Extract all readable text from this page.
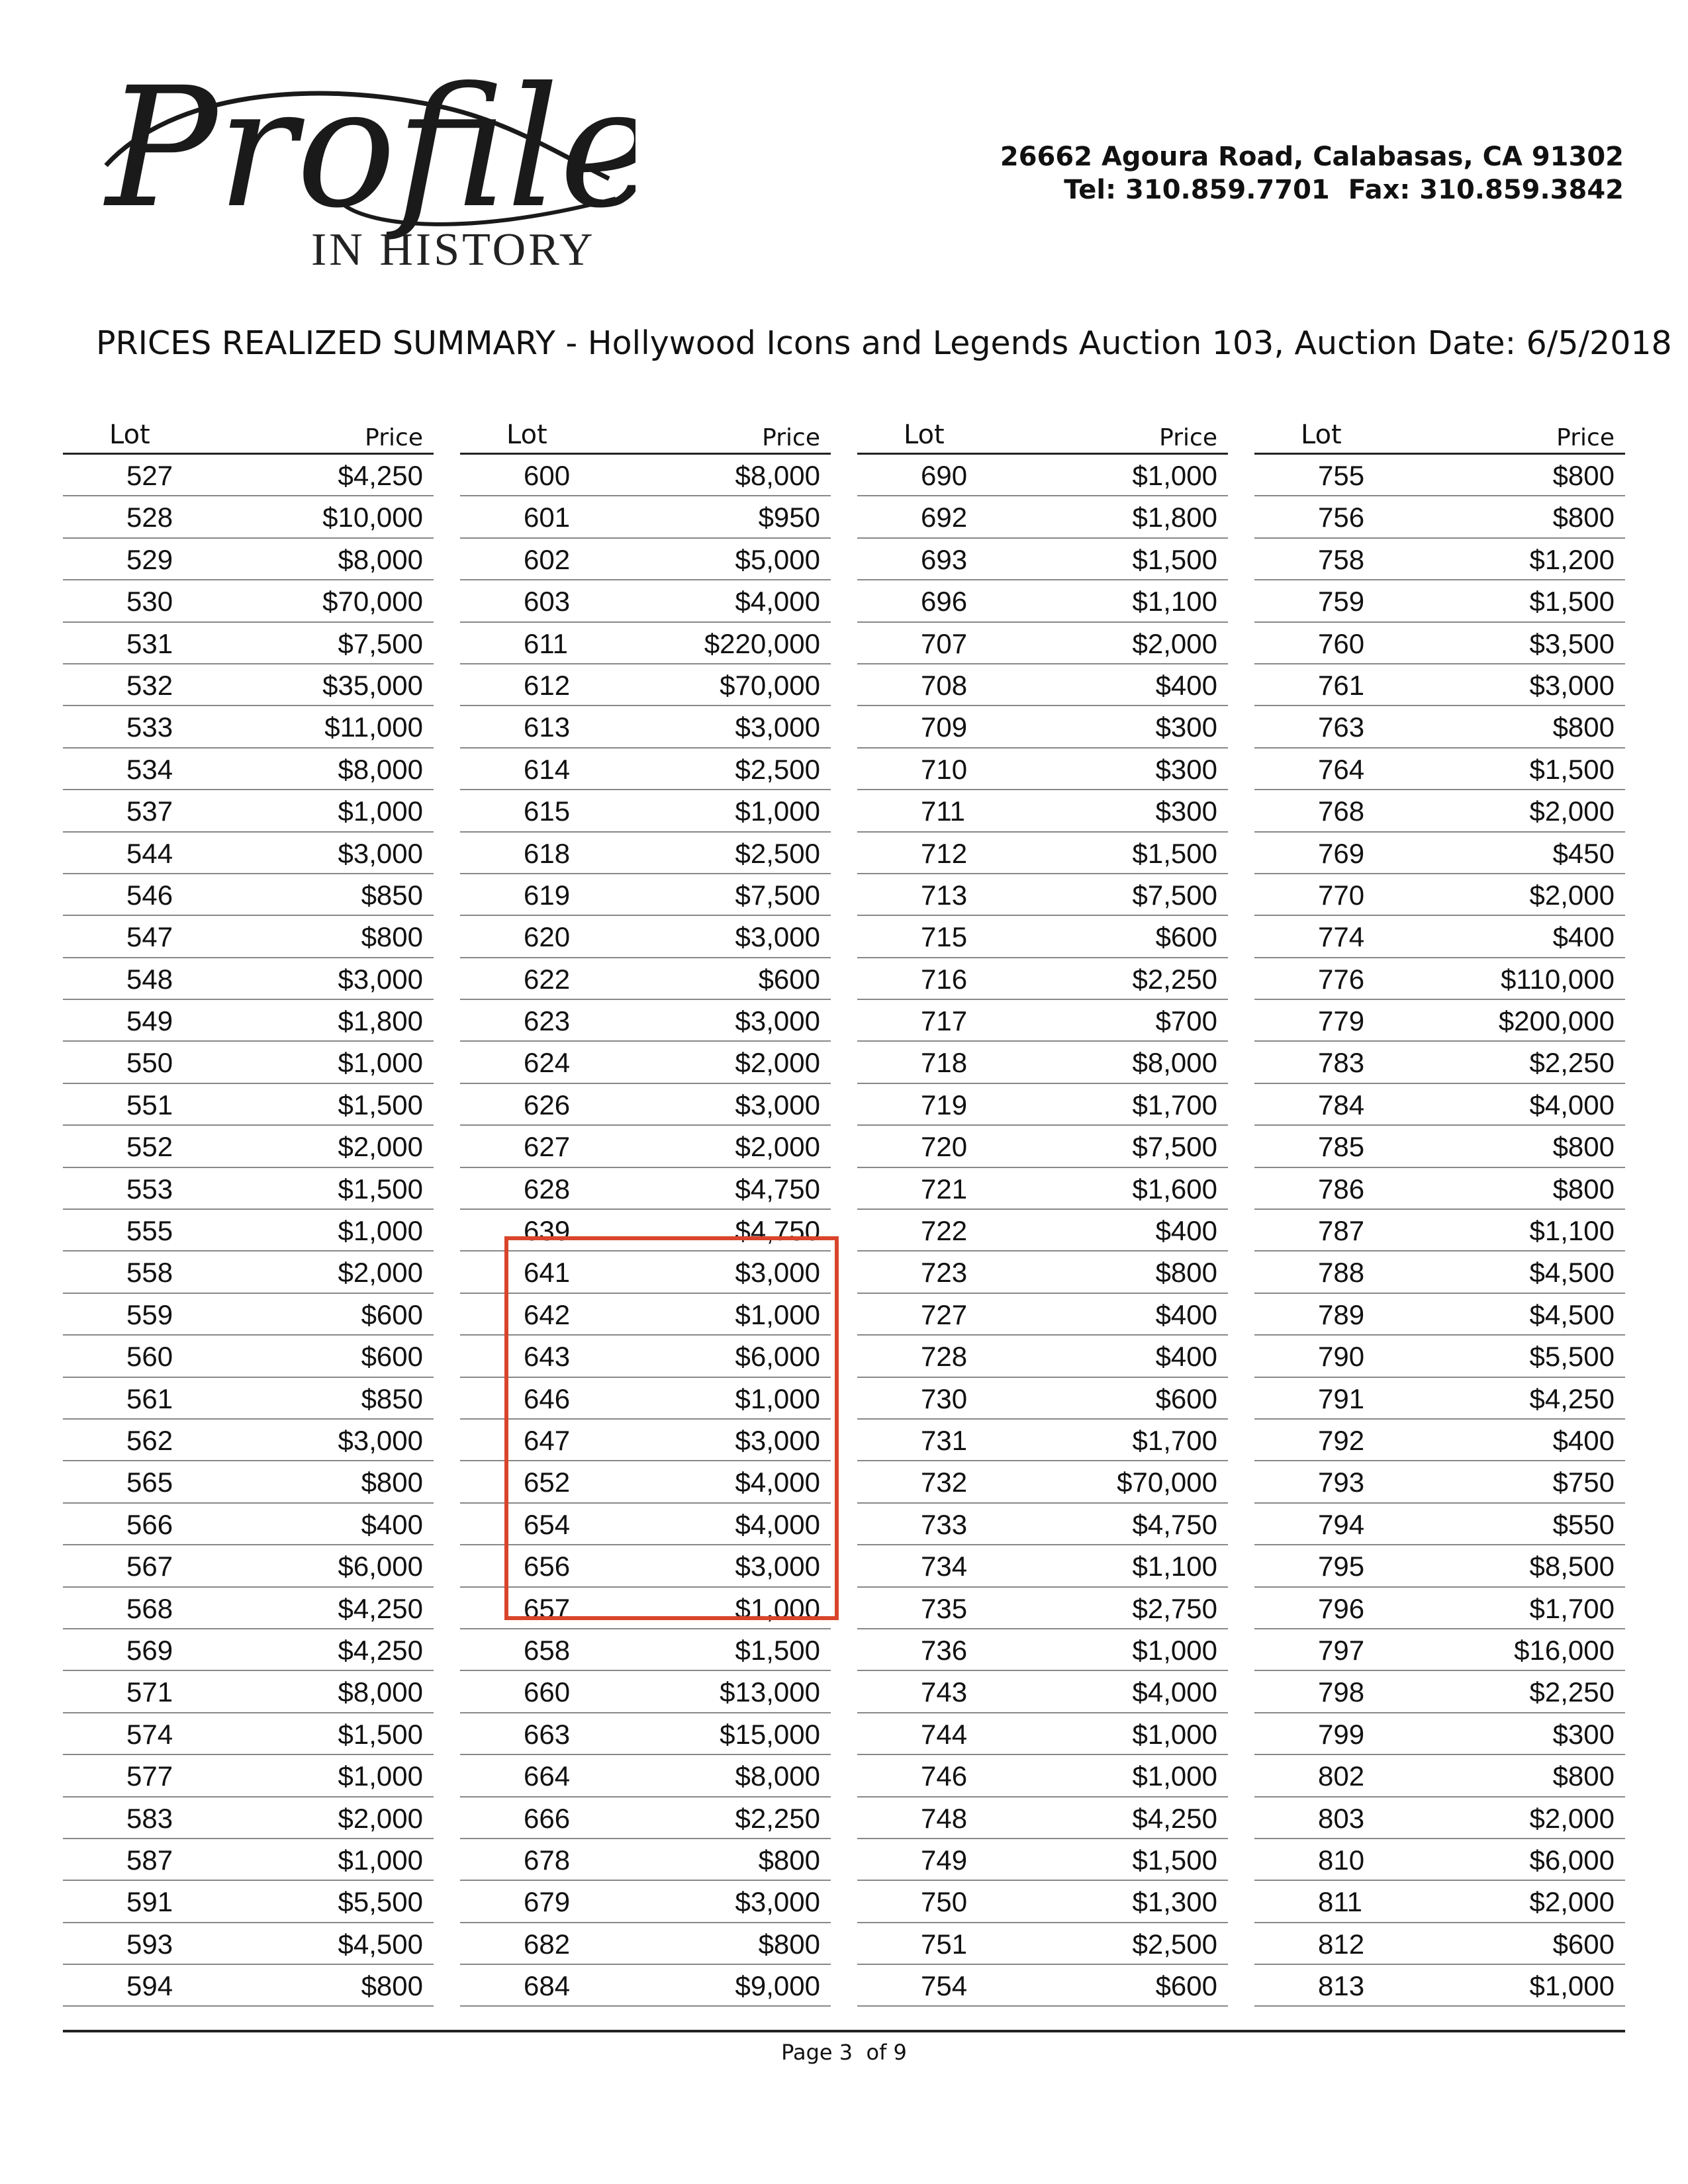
Profil
IN HISTORY
26662 Agoura Road, Calabasas, CA 91302
Tel: 310.859.7701  Fax: 310.859.3842
PRICES REALIZED SUMMARY - Hollywood Icons and Legends Auction 103, Auction Date: 6/5/2018
Lot	Price
527	$4,250
528	$10,000
529	$8,000
530	$70,000
531	$7,500
532	$35,000
533	$11,000
534	$8,000
537	$1,000
544	$3,000
546	$850
547	$800
548	$3,000
549	$1,800
550	$1,000
551	$1,500
552	$2,000
553	$1,500
555	$1,000
558	$2,000
559	$600
560	$600
561	$850
562	$3,000
565	$800
566	$400
567	$6,000
568	$4,250
569	$4,250
571	$8,000
574	$1,500
577	$1,000
583	$2,000
587	$1,000
591	$5,500
593	$4,500
594	$800
Lot	Price
600	$8,000
601	$950
602	$5,000
603	$4,000
611	$220,000
612	$70,000
613	$3,000
614	$2,500
615	$1,000
618	$2,500
619	$7,500
620	$3,000
622	$600
623	$3,000
624	$2,000
626	$3,000
627	$2,000
628	$4,750
639	$4,750
641	$3,000
642	$1,000
643	$6,000
646	$1,000
647	$3,000
652	$4,000
654	$4,000
656	$3,000
657	$1,000
658	$1,500
660	$13,000
663	$15,000
664	$8,000
666	$2,250
678	$800
679	$3,000
682	$800
684	$9,000
Lot	Price
690	$1,000
692	$1,800
693	$1,500
696	$1,100
707	$2,000
708	$400
709	$300
710	$300
711	$300
712	$1,500
713	$7,500
715	$600
716	$2,250
717	$700
718	$8,000
719	$1,700
720	$7,500
721	$1,600
722	$400
723	$800
727	$400
728	$400
730	$600
731	$1,700
732	$70,000
733	$4,750
734	$1,100
735	$2,750
736	$1,000
743	$4,000
744	$1,000
746	$1,000
748	$4,250
749	$1,500
750	$1,300
751	$2,500
754	$600
Lot	Price
755	$800
756	$800
758	$1,200
759	$1,500
760	$3,500
761	$3,000
763	$800
764	$1,500
768	$2,000
769	$450
770	$2,000
774	$400
776	$110,000
779	$200,000
783	$2,250
784	$4,000
785	$800
786	$800
787	$1,100
788	$4,500
789	$4,500
790	$5,500
791	$4,250
792	$400
793	$750
794	$550
795	$8,500
796	$1,700
797	$16,000
798	$2,250
799	$300
802	$800
803	$2,000
810	$6,000
811	$2,000
812	$600
813	$1,000
Page 3  of 9
